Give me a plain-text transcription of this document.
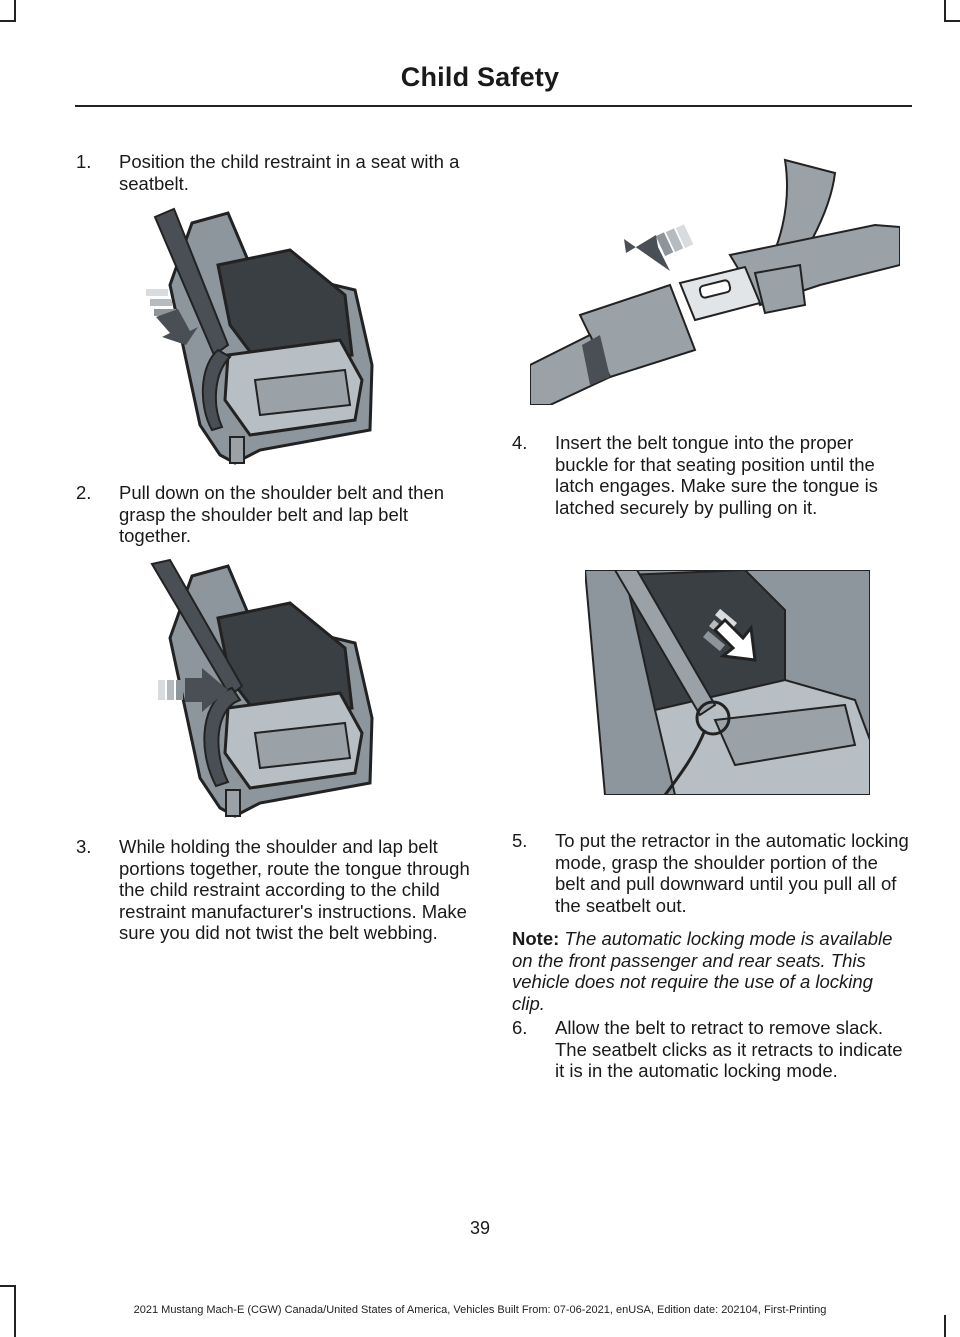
Child Safety
1. Position the child restraint in a seat with a seatbelt.
2. Pull down on the shoulder belt and then grasp the shoulder belt and lap belt together.
3. While holding the shoulder and lap belt portions together, route the tongue through the child restraint according to the child restraint manufacturer's instructions. Make sure you did not twist the belt webbing.
4. Insert the belt tongue into the proper buckle for that seating position until the latch engages. Make sure the tongue is latched securely by pulling on it.
5. To put the retractor in the automatic locking mode, grasp the shoulder portion of the belt and pull downward until you pull all of the seatbelt out.
Note: The automatic locking mode is available on the front passenger and rear seats. This vehicle does not require the use of a locking clip.
6. Allow the belt to retract to remove slack. The seatbelt clicks as it retracts to indicate it is in the automatic locking mode.
39
2021 Mustang Mach-E (CGW) Canada/United States of America, Vehicles Built From: 07-06-2021, enUSA, Edition date: 202104, First-Printing
